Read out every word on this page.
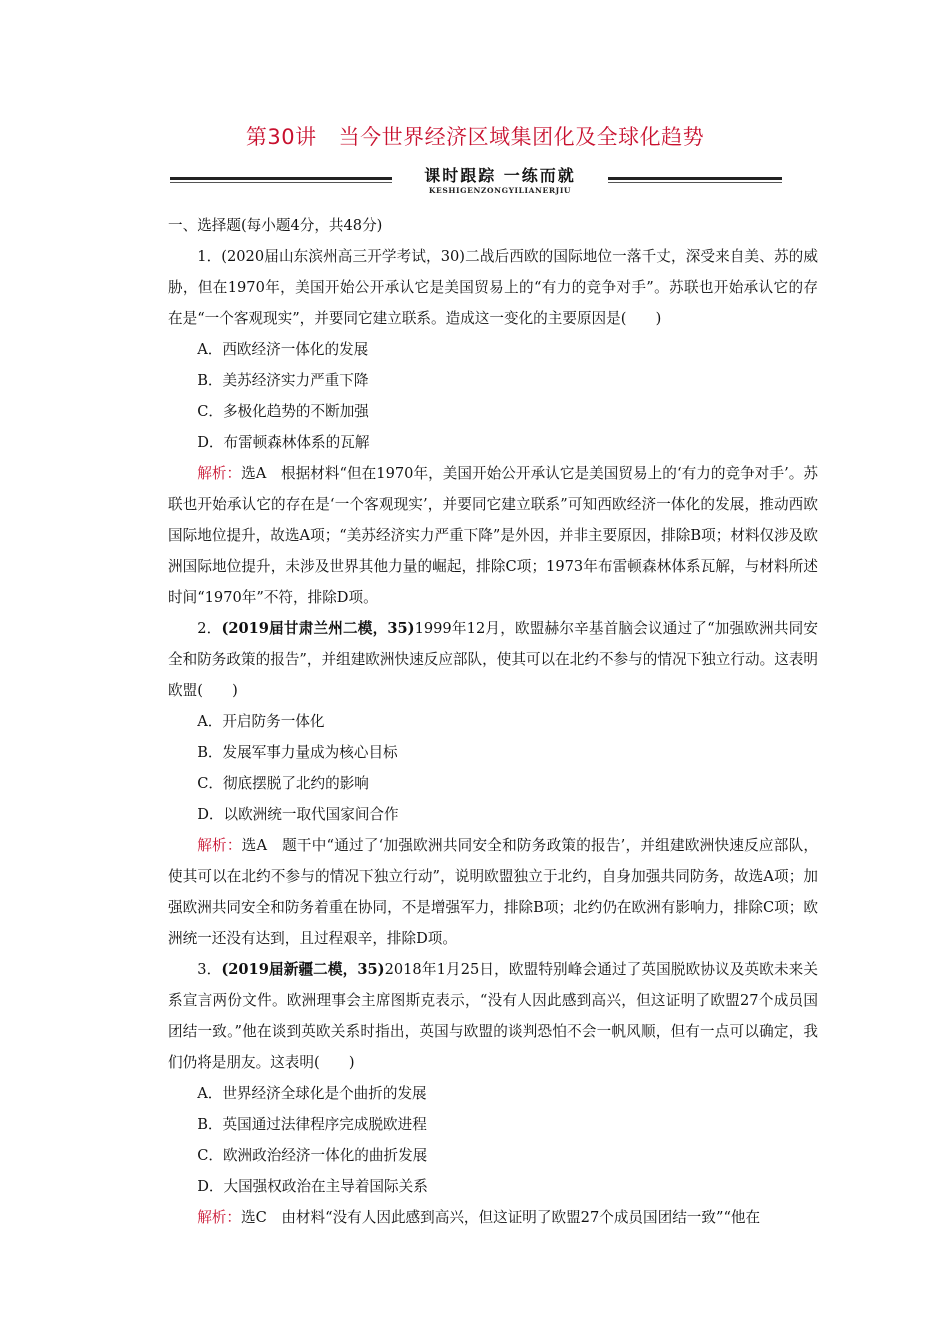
第30讲 当今世界经济区域集团化及全球化趋势
课时跟踪 一练而就
KESHIGENZONGYILIANERJIU

一、选择题(每小题4分，共48分)

1．(2020届山东滨州高三开学考试，30)二战后西欧的国际地位一落千丈，深受来自美、苏的威胁，但在1970年，美国开始公开承认它是美国贸易上的“有力的竞争对手”。苏联也开始承认它的存在是“一个客观现实”，并要同它建立联系。造成这一变化的主要原因是(　　)

A．西欧经济一体化的发展

B．美苏经济实力严重下降

C．多极化趋势的不断加强

D．布雷顿森林体系的瓦解

解析：选A　根据材料“但在1970年，美国开始公开承认它是美国贸易上的‘有力的竞争对手’。苏联也开始承认它的存在是‘一个客观现实’，并要同它建立联系”可知西欧经济一体化的发展，推动西欧国际地位提升，故选A项；“美苏经济实力严重下降”是外因，并非主要原因，排除B项；材料仅涉及欧洲国际地位提升，未涉及世界其他力量的崛起，排除C项；1973年布雷顿森林体系瓦解，与材料所述时间“1970年”不符，排除D项。

2．(2019届甘肃兰州二模，35)1999年12月，欧盟赫尔辛基首脑会议通过了“加强欧洲共同安全和防务政策的报告”，并组建欧洲快速反应部队，使其可以在北约不参与的情况下独立行动。这表明欧盟(　　)

A．开启防务一体化

B．发展军事力量成为核心目标

C．彻底摆脱了北约的影响

D．以欧洲统一取代国家间合作

解析：选A　题干中“通过了‘加强欧洲共同安全和防务政策的报告’，并组建欧洲快速反应部队，使其可以在北约不参与的情况下独立行动”，说明欧盟独立于北约，自身加强共同防务，故选A项；加强欧洲共同安全和防务着重在协同，不是增强军力，排除B项；北约仍在欧洲有影响力，排除C项；欧洲统一还没有达到，且过程艰辛，排除D项。

3．(2019届新疆二模，35)2018年1月25日，欧盟特别峰会通过了英国脱欧协议及英欧未来关系宣言两份文件。欧洲理事会主席图斯克表示，“没有人因此感到高兴，但这证明了欧盟27个成员国团结一致。”他在谈到英欧关系时指出，英国与欧盟的谈判恐怕不会一帆风顺，但有一点可以确定，我们仍将是朋友。这表明(　　)

A．世界经济全球化是个曲折的发展

B．英国通过法律程序完成脱欧进程

C．欧洲政治经济一体化的曲折发展

D．大国强权政治在主导着国际关系

解析：选C　由材料“没有人因此感到高兴，但这证明了欧盟27个成员国团结一致”“他在
